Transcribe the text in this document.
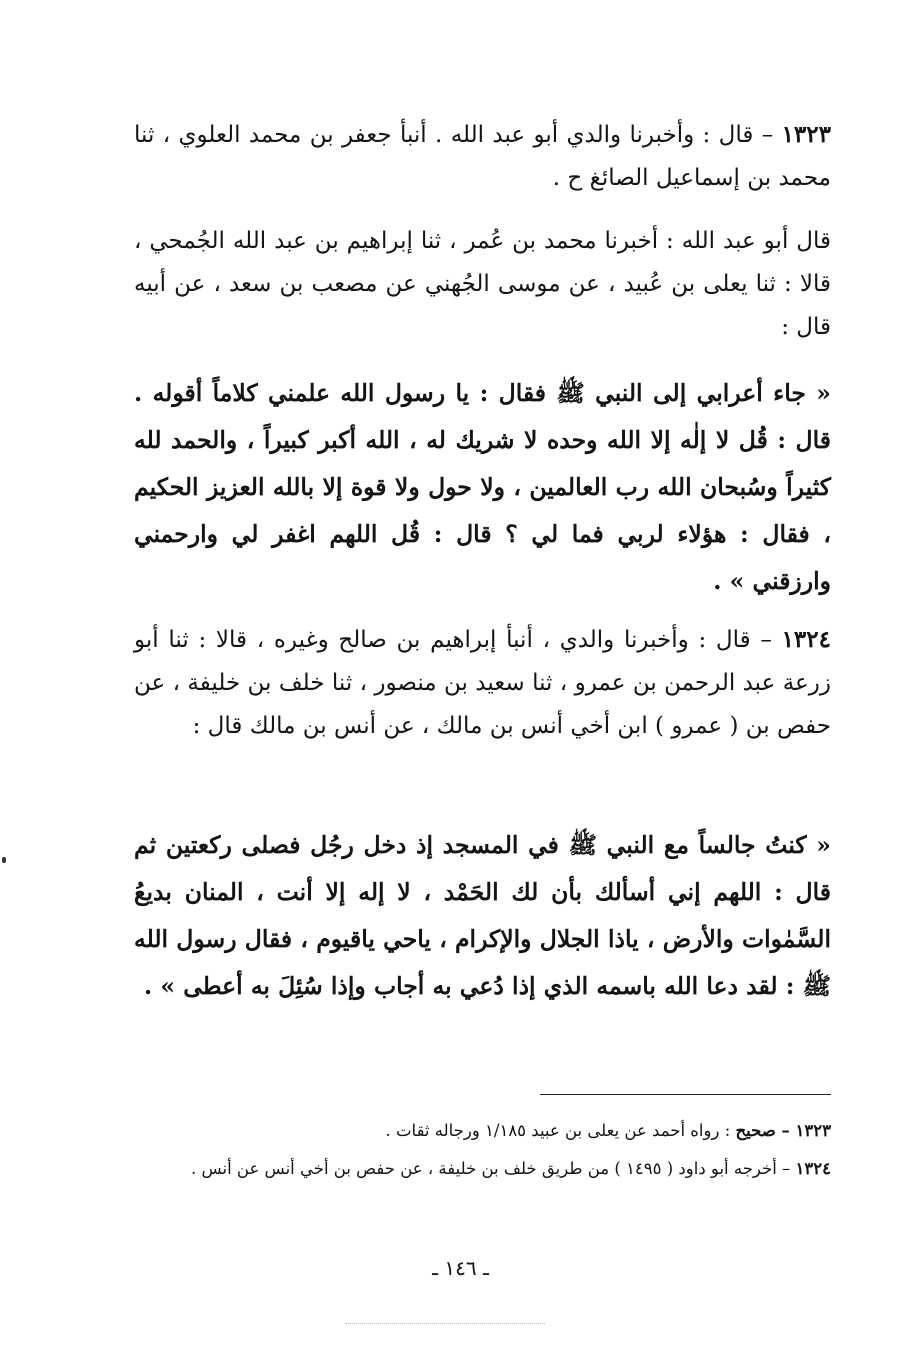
١٣٢٣ – قال : وأخبرنا والدي أبو عبد الله . أنبأ جعفر بن محمد العلوي ، ثنا محمد بن إسماعيل الصائغ ح .
قال أبو عبد الله : أخبرنا محمد بن عُمر ، ثنا إبراهيم بن عبد الله الجُمحي ، قالا : ثنا يعلى بن عُبيد ، عن موسى الجُهني عن مصعب بن سعد ، عن أبيه قال :
« جاء أعرابي إلى النبي ﷺ فقال : يا رسول الله علمني كلاماً أقوله . قال : قُل لا إلٰه إلا الله وحده لا شريك له ، الله أكبر كبيراً ، والحمد لله كثيراً وسُبحان الله رب العالمين ، ولا حول ولا قوة إلا بالله العزيز الحكيم ، فقال : هؤلاء لربي فما لي ؟ قال : قُل اللهم اغفر لي وارحمني وارزقني » .
١٣٢٤ – قال : وأخبرنا والدي ، أنبأ إبراهيم بن صالح وغيره ، قالا : ثنا أبو زرعة عبد الرحمن بن عمرو ، ثنا سعيد بن منصور ، ثنا خلف بن خليفة ، عن حفص بن ( عمرو ) ابن أخي أنس بن مالك ، عن أنس بن مالك قال :
« كنتُ جالساً مع النبي ﷺ في المسجد إذ دخل رجُل فصلى ركعتين ثم قال : اللهم إني أسألك بأن لك الحَمْد ، لا إله إلا أنت ، المنان بديعُ السَّمٰوات والأرض ، ياذا الجلال والإكرام ، ياحي ياقيوم ، فقال رسول الله ﷺ : لقد دعا الله باسمه الذي إذا دُعي به أجاب وإذا سُئِلَ به أعطى » .
١٣٢٣ – صحيح : رواه أحمد عن يعلى بن عبيد ١/١٨٥ ورجاله ثقات .
١٣٢٤ – أخرجه أبو داود ( ١٤٩٥ ) من طريق خلف بن خليفة ، عن حفص بن أخي أنس عن أنس .
ـ ١٤٦ ـ
